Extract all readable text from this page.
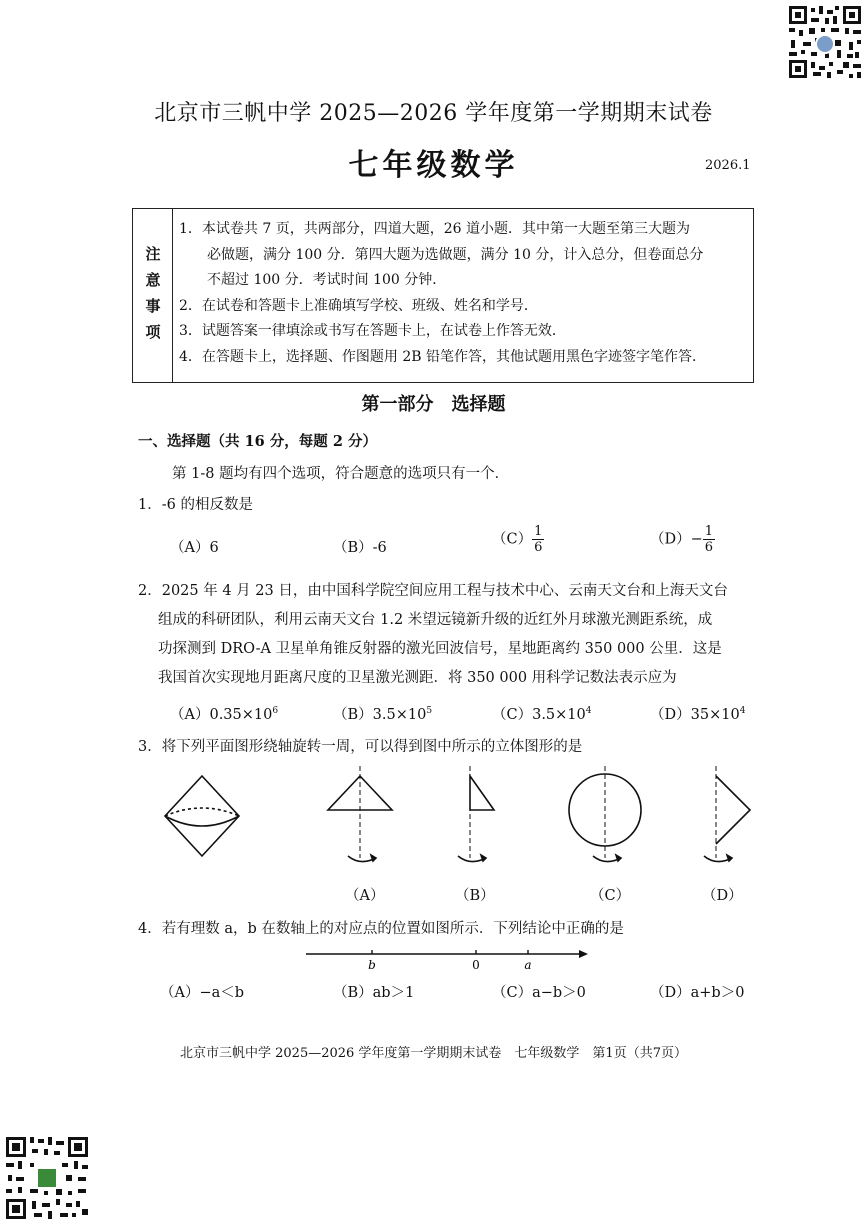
北京市三帆中学 2025—2026 学年度第一学期期末试卷
七年级数学	2026.1
注
意
事
项
1．本试卷共 7 页，共两部分，四道大题，26 道小题．其中第一大题至第三大题为
必做题，满分 100 分．第四大题为选做题，满分 10 分，计入总分，但卷面总分
不超过 100 分．考试时间 100 分钟．
2．在试卷和答题卡上准确填写学校、班级、姓名和学号．
3．试题答案一律填涂或书写在答题卡上，在试卷上作答无效．
4．在答题卡上，选择题、作图题用 2B 铅笔作答，其他试题用黑色字迹签字笔作答．
第一部分　选择题
一、选择题（共 16 分，每题 2 分）
第 1-8 题均有四个选项，符合题意的选项只有一个．
1．-6 的相反数是
（A）6	（B）-6
$(C) \frac{1}{6}$	$(D)- \frac{1}{6}$
2．2025 年 4 月 23 日，由中国科学院空间应用工程与技术中心、云南天文台和上海天文台
组成的科研团队，利用云南天文台 1.2 米望远镜新升级的近红外月球激光测距系统，成
功探测到 DRO-A 卫星单角锥反射器的激光回波信号，星地距离约 350 000 公里．这是
我国首次实现地月距离尺度的卫星激光测距．将 350 000 用科学记数法表示应为
$(A)0.35\times 10^6$	$(B)3.5\times 10^5$	$(C)3.5\times 10^4$	$(D)35\times 10^4$
3．将下列平面图形绕轴旋转一周，可以得到图中所示的立体图形的是
（A）	（B）	（C）	（D）
4．若有理数 a，b 在数轴上的对应点的位置如图所示．下列结论中正确的是
b	0	a
（A）−a＜b	（B）ab＞1	（C）a−b＞0	（D）a+b＞0
北京市三帆中学 2025—2026 学年度第一学期期末试卷　七年级数学　第1页（共7页）
